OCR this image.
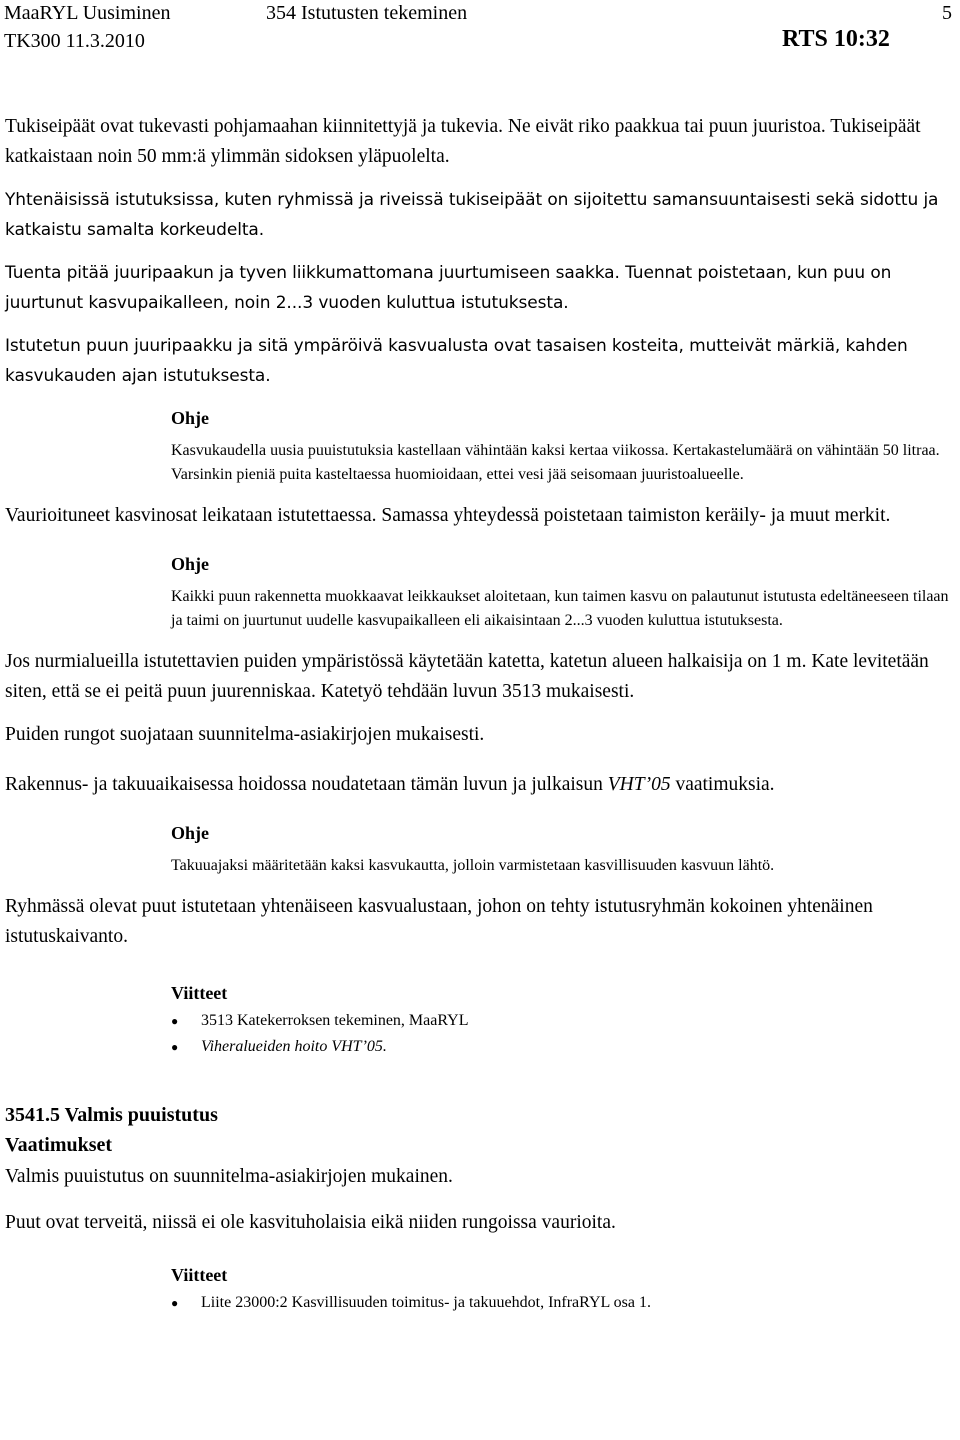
MaaRYL Uusiminen	354 Istutusten tekeminen	5
TK300 11.3.2010	RTS 10:32

Tukiseipäät ovat tukevasti pohjamaahan kiinnitettyjä ja tukevia. Ne eivät riko paakkua tai puun juuristoa. Tukiseipäät katkaistaan noin 50 mm:ä ylimmän sidoksen yläpuolelta.

Yhtenäisissä istutuksissa, kuten ryhmissä ja riveissä tukiseipäät on sijoitettu samansuuntaisesti sekä sidottu ja katkaistu samalta korkeudelta.

Tuenta pitää juuripaakun ja tyven liikkumattomana juurtumiseen saakka. Tuennat poistetaan, kun puu on juurtunut kasvupaikalleen, noin 2...3 vuoden kuluttua istutuksesta.

Istutetun puun juuripaakku ja sitä ympäröivä kasvualusta ovat tasaisen kosteita, mutteivät märkiä, kahden kasvukauden ajan istutuksesta.

Ohje

Kasvukaudella uusia puuistutuksia kastellaan vähintään kaksi kertaa viikossa. Kertakastelumäärä on vähintään 50 litraa. Varsinkin pieniä puita kasteltaessa huomioidaan, ettei vesi jää seisomaan juuristoalueelle.

Vaurioituneet kasvinosat leikataan istutettaessa. Samassa yhteydessä poistetaan taimiston keräily- ja muut merkit.

Ohje

Kaikki puun rakennetta muokkaavat leikkaukset aloitetaan, kun taimen kasvu on palautunut istutusta edeltäneeseen tilaan ja taimi on juurtunut uudelle kasvupaikalleen eli aikaisintaan 2...3 vuoden kuluttua istutuksesta.

Jos nurmialueilla istutettavien puiden ympäristössä käytetään katetta, katetun alueen halkaisija on 1 m. Kate levitetään siten, että se ei peitä puun juurenniskaa. Katetyö tehdään luvun 3513 mukaisesti.

Puiden rungot suojataan suunnitelma-asiakirjojen mukaisesti.

Rakennus- ja takuuaikaisessa hoidossa noudatetaan tämän luvun ja julkaisun VHT’05 vaatimuksia.

Ohje

Takuuajaksi määritetään kaksi kasvukautta, jolloin varmistetaan kasvillisuuden kasvuun lähtö.

Ryhmässä olevat puut istutetaan yhtenäiseen kasvualustaan, johon on tehty istutusryhmän kokoinen yhtenäinen istutuskaivanto.

Viitteet

● 3513 Katekerroksen tekeminen, MaaRYL
● Viheralueiden hoito VHT’05.

3541.5 Valmis puuistutus

Vaatimukset

Valmis puuistutus on suunnitelma-asiakirjojen mukainen.

Puut ovat terveitä, niissä ei ole kasvituholaisia eikä niiden rungoissa vaurioita.

Viitteet

● Liite 23000:2 Kasvillisuuden toimitus- ja takuuehdot, InfraRYL osa 1.
